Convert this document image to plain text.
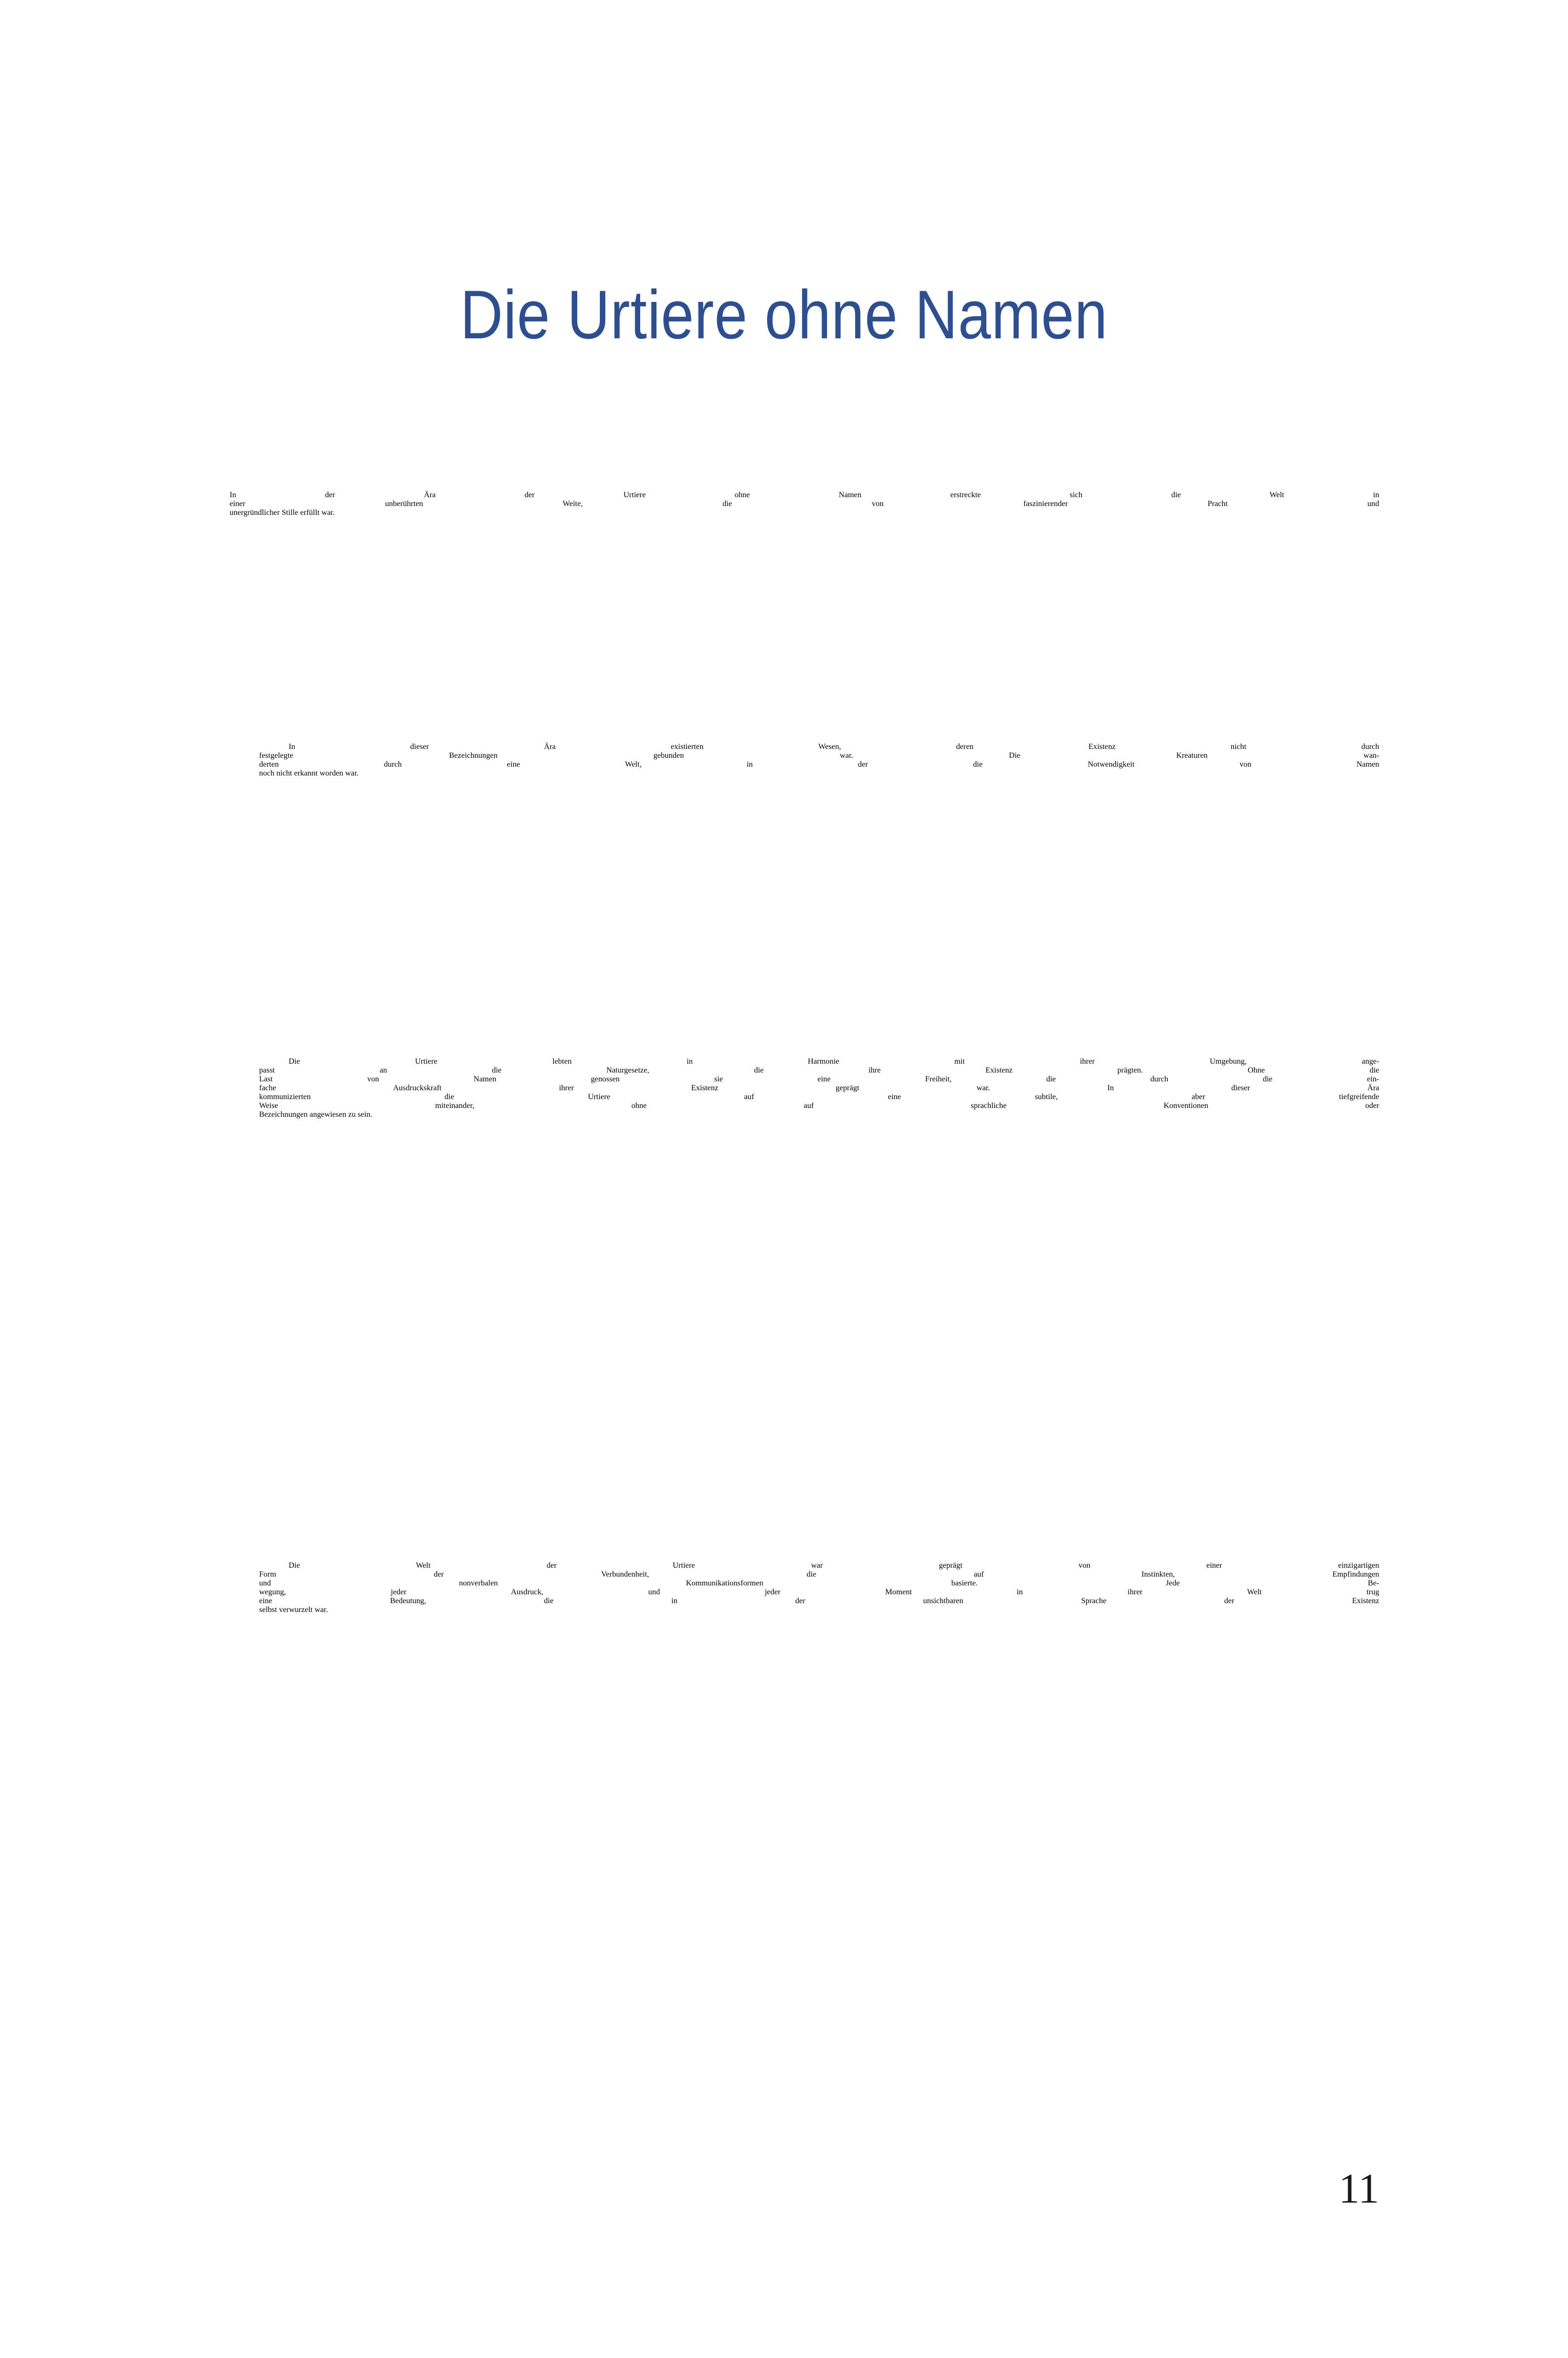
Die Urtiere ohne Namen

In der Ära der Urtiere ohne Namen erstreckte sich die Welt in
einer unberührten Weite, die von faszinierender Pracht und
unergründlicher Stille erfüllt war.

In dieser Ära existierten Wesen, deren Existenz nicht durch
festgelegte Bezeichnungen gebunden war. Die Kreaturen wan-
derten durch eine Welt, in der die Notwendigkeit von Namen
noch nicht erkannt worden war.

Die Urtiere lebten in Harmonie mit ihrer Umgebung, ange-
passt an die Naturgesetze, die ihre Existenz prägten. Ohne die
Last von Namen genossen sie eine Freiheit, die durch die ein-
fache Ausdruckskraft ihrer Existenz geprägt war. In dieser Ära
kommunizierten die Urtiere auf eine subtile, aber tiefgreifende
Weise miteinander, ohne auf sprachliche Konventionen oder
Bezeichnungen angewiesen zu sein.

Die Welt der Urtiere war geprägt von einer einzigartigen
Form der Verbundenheit, die auf Instinkten, Empfindungen
und nonverbalen Kommunikationsformen basierte. Jede Be-
wegung, jeder Ausdruck, und jeder Moment in ihrer Welt trug
eine Bedeutung, die in der unsichtbaren Sprache der Existenz
selbst verwurzelt war.

11
